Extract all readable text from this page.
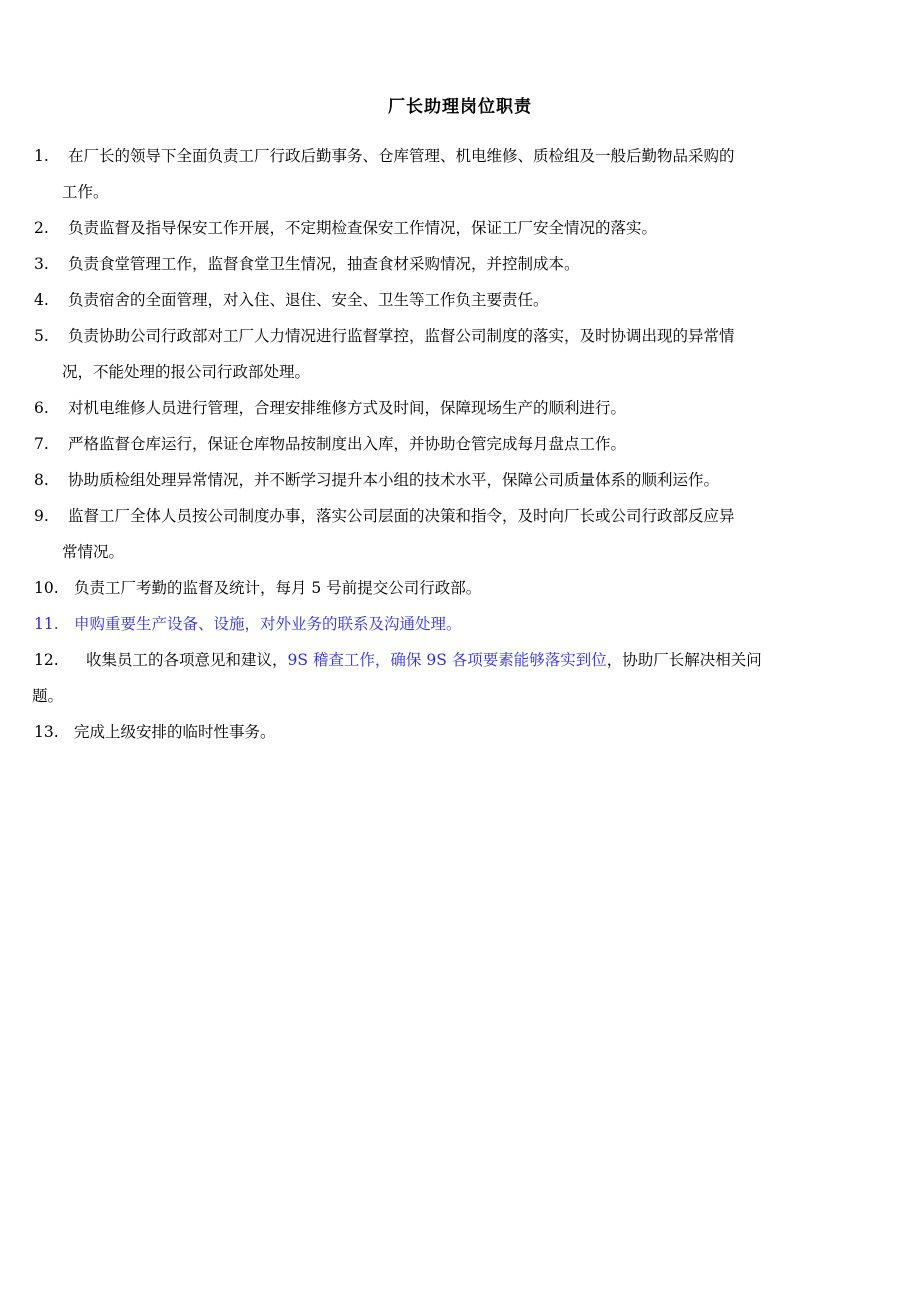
厂长助理岗位职责
1. 在厂长的领导下全面负责工厂行政后勤事务、仓库管理、机电维修、质检组及一般后勤物品采购的
工作。
2. 负责监督及指导保安工作开展，不定期检查保安工作情况，保证工厂安全情况的落实。
3. 负责食堂管理工作，监督食堂卫生情况，抽查食材采购情况，并控制成本。
4. 负责宿舍的全面管理，对入住、退住、安全、卫生等工作负主要责任。
5. 负责协助公司行政部对工厂人力情况进行监督掌控，监督公司制度的落实，及时协调出现的异常情
况，不能处理的报公司行政部处理。
6. 对机电维修人员进行管理，合理安排维修方式及时间，保障现场生产的顺利进行。
7. 严格监督仓库运行，保证仓库物品按制度出入库，并协助仓管完成每月盘点工作。
8. 协助质检组处理异常情况，并不断学习提升本小组的技术水平，保障公司质量体系的顺利运作。
9. 监督工厂全体人员按公司制度办事，落实公司层面的决策和指令，及时向厂长或公司行政部反应异
常情况。
10. 负责工厂考勤的监督及统计，每月 5 号前提交公司行政部。
11. 申购重要生产设备、设施，对外业务的联系及沟通处理。
12. 收集员工的各项意见和建议，9S 稽查工作，确保 9S 各项要素能够落实到位，协助厂长解决相关问
题。
13. 完成上级安排的临时性事务。
